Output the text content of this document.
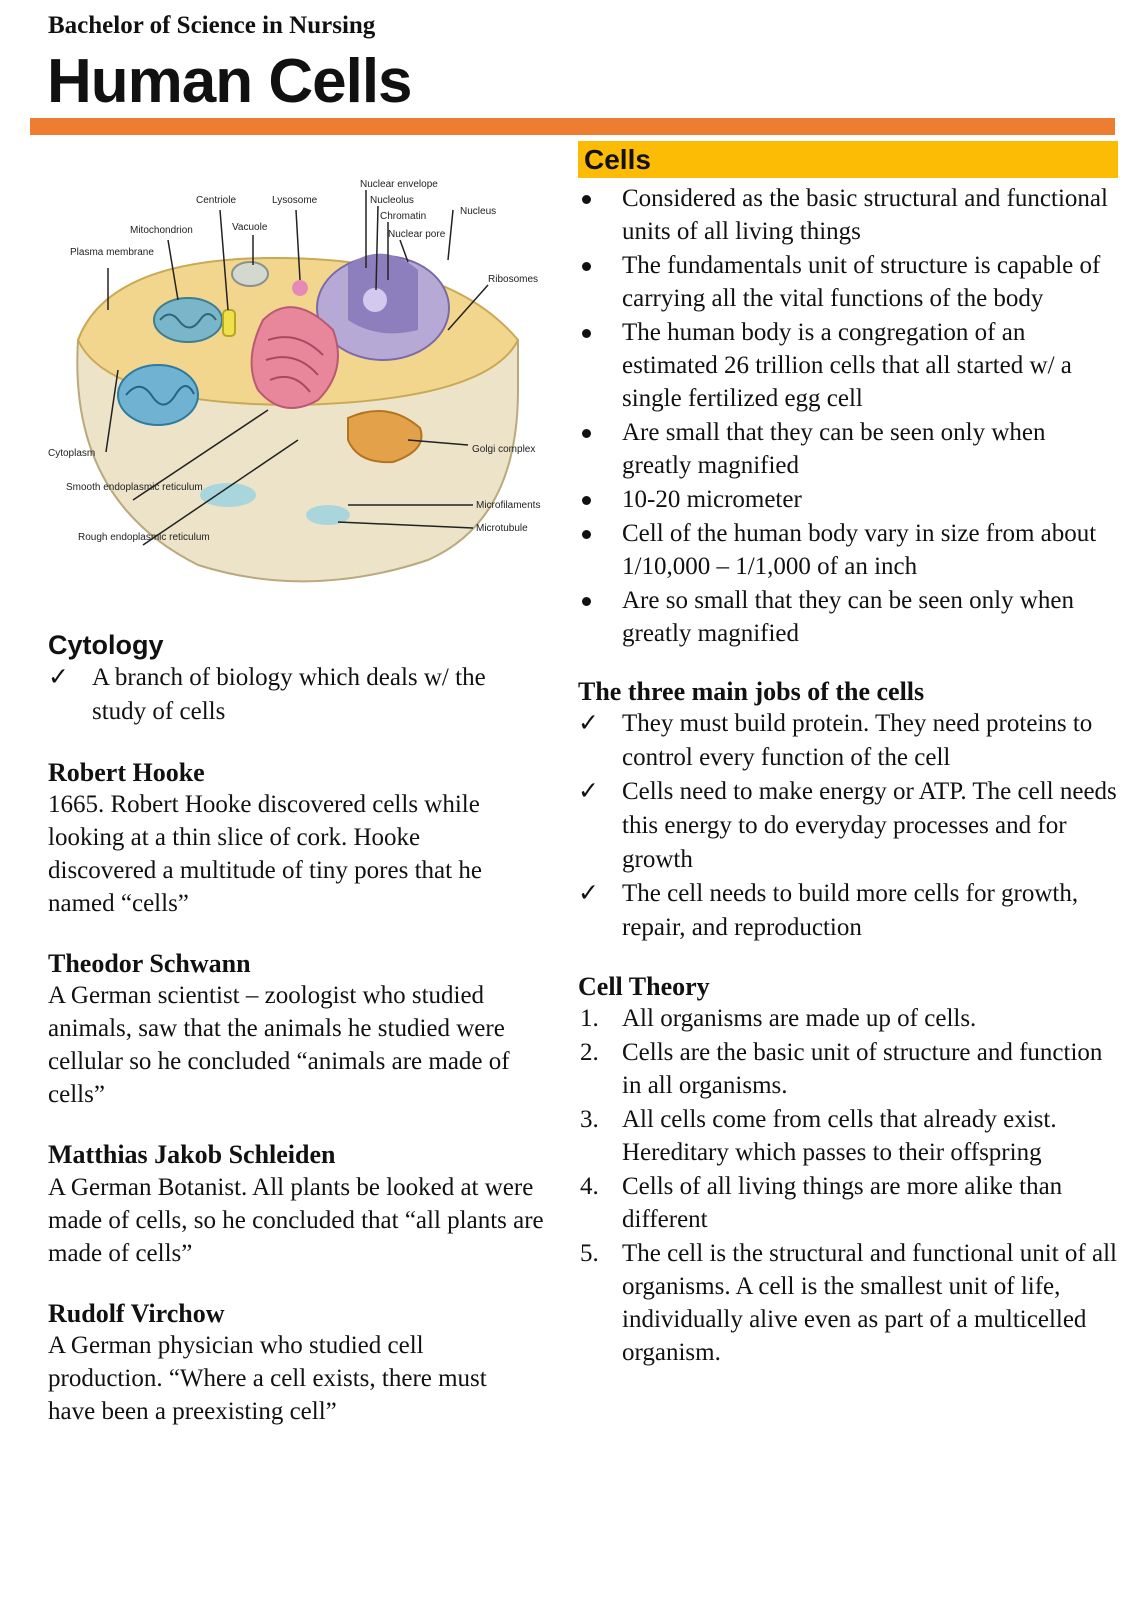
Bachelor of Science in Nursing
Human Cells
Plasma membrane
Mitochondrion
Centriole
Vacuole
Lysosome
Nuclear envelope
Nucleolus
Chromatin
Nuclear pore
Nucleus
Ribosomes
Cytoplasm	Golgi complex
Smooth endoplasmic reticulum
Rough endoplasmic reticulum
Microfilaments
Microtubule
Cytology
✓ A branch of biology which deals w/ the study of cells

Robert Hooke

1665. Robert Hooke discovered cells while looking at a thin slice of cork. Hooke discovered a multitude of tiny pores that he named “cells”

Theodor Schwann

A German scientist – zoologist who studied animals, saw that the animals he studied were cellular so he concluded “animals are made of cells”

Matthias Jakob Schleiden

A German Botanist. All plants be looked at were made of cells, so he concluded that “all plants are made of cells”

Rudolf Virchow

A German physician who studied cell production. “Where a cell exists, there must have been a preexisting cell”

Cells
Considered as the basic structural and functional units of all living things
The fundamentals unit of structure is capable of carrying all the vital functions of the body
The human body is a congregation of an estimated 26 trillion cells that all started w/ a single fertilized egg cell
Are small that they can be seen only when greatly magnified
10-20 micrometer
Cell of the human body vary in size from about 1/10,000 – 1/1,000 of an inch
Are so small that they can be seen only when greatly magnified

The three main jobs of the cells

✓ They must build protein. They need proteins to control every function of the cell
✓ Cells need to make energy or ATP. The cell needs this energy to do everyday processes and for growth
✓ The cell needs to build more cells for growth, repair, and reproduction

Cell Theory

1. All organisms are made up of cells.
2. Cells are the basic unit of structure and function in all organisms.
3. All cells come from cells that already exist. Hereditary which passes to their offspring
4. Cells of all living things are more alike than different
5. The cell is the structural and functional unit of all organisms. A cell is the smallest unit of life, individually alive even as part of a multicelled organism.
